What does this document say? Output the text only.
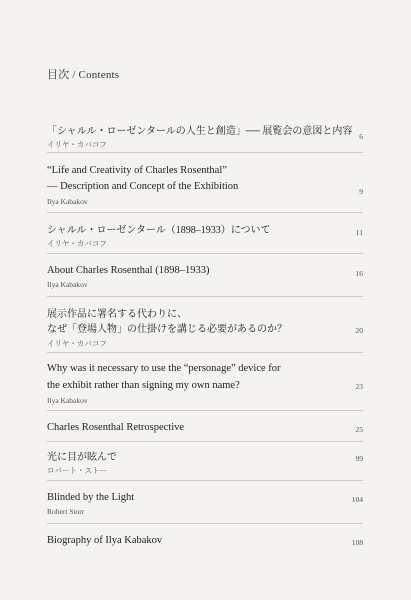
目次 / Contents
「シャルル・ローゼンタールの人生と創造」── 展覧会の意図と内容
イリヤ・カバコフ
6
“Life and Creativity of Charles Rosenthal”
— Description and Concept of the Exhibition
Ilya Kabakov
9
シャルル・ローゼンタール（1898–1933）について
イリヤ・カバコフ
11
About Charles Rosenthal (1898–1933)
Ilya Kabakov
16
展示作品に署名する代わりに、
なぜ「登場人物」の仕掛けを講じる必要があるのか？
イリヤ・カバコフ
20
Why was it necessary to use the “personage” device for
the exhibit rather than signing my own name?
Ilya Kabakov
23
Charles Rosenthal Retrospective	25
光に目が眩んで
ロバート・ストー
99
Blinded by the Light
Robert Storr
104
Biography of Ilya Kabakov	108
